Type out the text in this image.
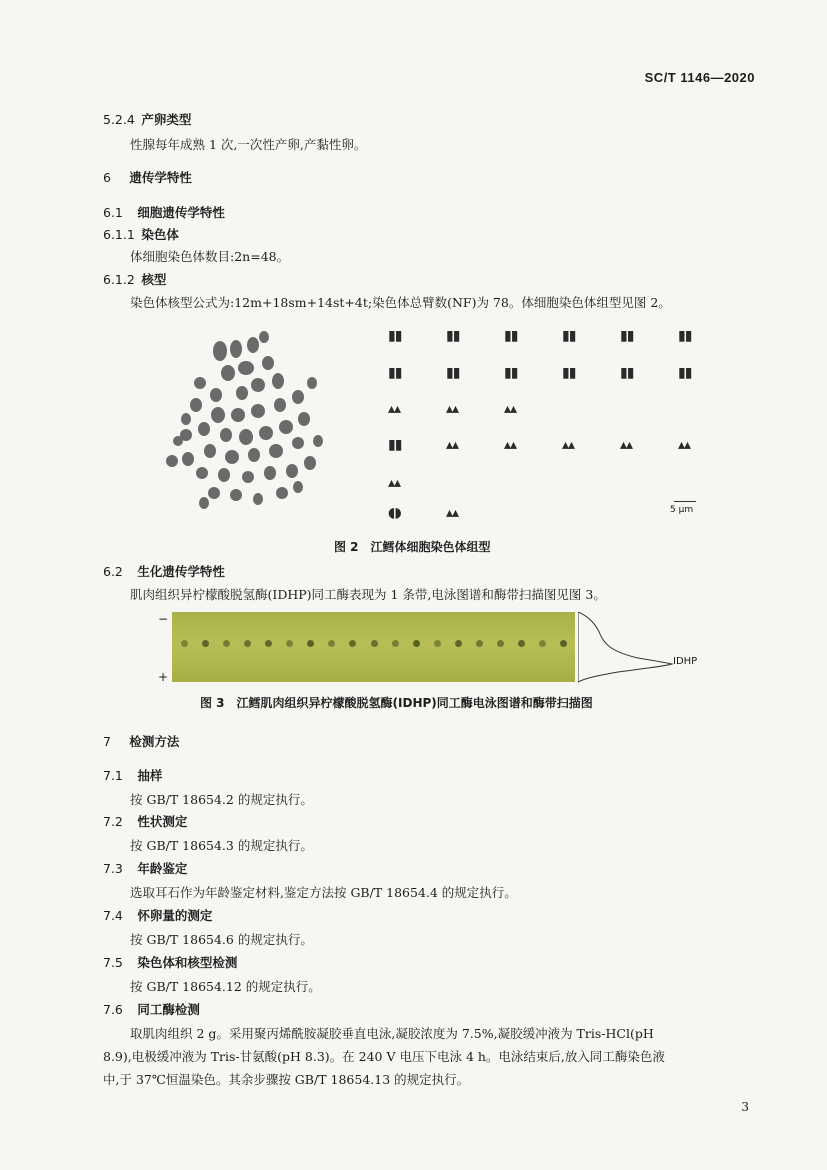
SC/T 1146—2020
5.2.4 产卵类型
性腺每年成熟 1 次,一次性产卵,产黏性卵。
6 遗传学特性
6.1 细胞遗传学特性
6.1.1 染色体
体细胞染色体数目:2n=48。
6.1.2 核型
染色体核型公式为:12m+18sm+14st+4t;染色体总臂数(NF)为 78。体细胞染色体组型见图 2。
▮▮	▮▮	▮▮	▮▮	▮▮	▮▮
▮▮	▮▮	▮▮	▮▮	▮▮	▮▮
▴▴	▴▴	▴▴
▮▮	▴▴	▴▴	▴▴	▴▴	▴▴
▴▴
◖◗	▴▴	5 μm
图 2　江鳕体细胞染色体组型
6.2 生化遗传学特性
肌肉组织异柠檬酸脱氢酶(IDHP)同工酶表现为 1 条带,电泳图谱和酶带扫描图见图 3。
−
+
IDHP
图 3　江鳕肌肉组织异柠檬酸脱氢酶(IDHP)同工酶电泳图谱和酶带扫描图
7 检测方法
7.1 抽样
按 GB/T 18654.2 的规定执行。
7.2 性状测定
按 GB/T 18654.3 的规定执行。
7.3 年龄鉴定
选取耳石作为年龄鉴定材料,鉴定方法按 GB/T 18654.4 的规定执行。
7.4 怀卵量的测定
按 GB/T 18654.6 的规定执行。
7.5 染色体和核型检测
按 GB/T 18654.12 的规定执行。
7.6 同工酶检测
取肌肉组织 2 g。采用聚丙烯酰胺凝胶垂直电泳,凝胶浓度为 7.5%,凝胶缓冲液为 Tris-HCl(pH
8.9),电极缓冲液为 Tris-甘氨酸(pH 8.3)。在 240 V 电压下电泳 4 h。电泳结束后,放入同工酶染色液
中,于 37℃恒温染色。其余步骤按 GB/T 18654.13 的规定执行。
3
